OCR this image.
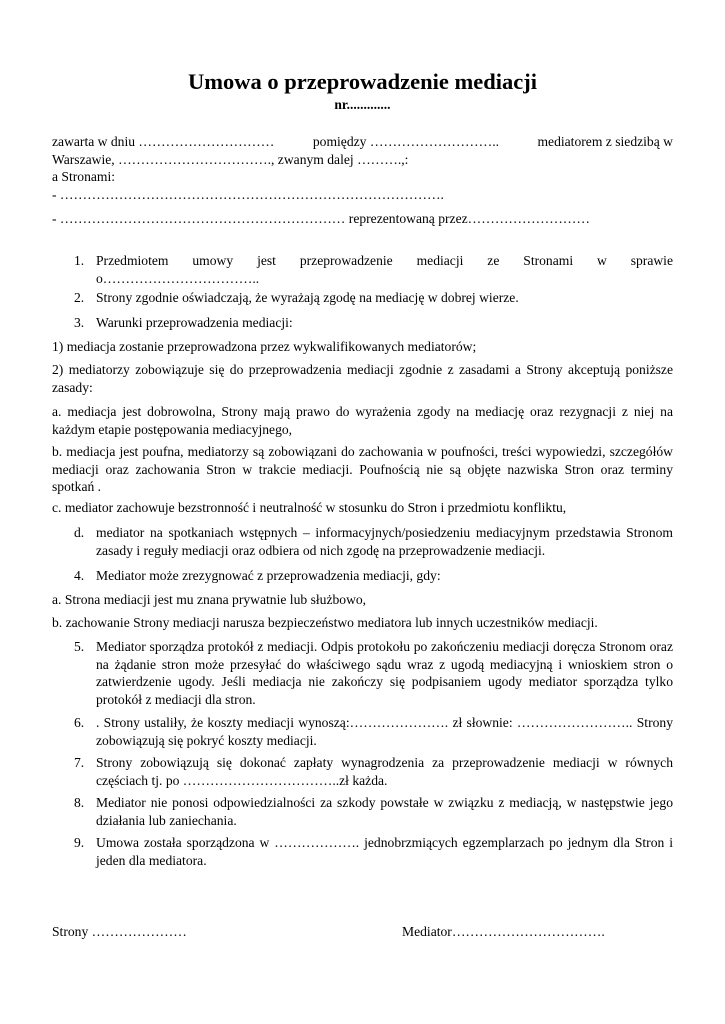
Umowa o przeprowadzenie mediacji
nr.............
zawarta w dniu …………………………	pomiędzy ………………………..	mediatorem z siedzibą w
Warszawie, ……………………………., zwanym dalej ……….,:
a Stronami:
- ………………………………………………………………………….
- ……………………………………………………… reprezentowaną przez………………………
1. Przedmiotem umowy jest przeprowadzenie mediacji ze Stronami w sprawie o……………………………..
2. Strony zgodnie oświadczają, że wyrażają zgodę na mediację w dobrej wierze.
3. Warunki przeprowadzenia mediacji:
1) mediacja zostanie przeprowadzona przez wykwalifikowanych mediatorów;
2) mediatorzy zobowiązuje się do przeprowadzenia mediacji zgodnie z zasadami a Strony akceptują poniższe zasady:
a. mediacja jest dobrowolna, Strony mają prawo do wyrażenia zgody na mediację oraz rezygnacji z niej na każdym etapie postępowania mediacyjnego,
b. mediacja jest poufna, mediatorzy są zobowiązani do zachowania w poufności, treści wypowiedzi, szczegółów mediacji oraz zachowania Stron w trakcie mediacji. Poufnością nie są objęte nazwiska Stron oraz terminy spotkań .
c. mediator zachowuje bezstronność i neutralność w stosunku do Stron i przedmiotu konfliktu,
d. mediator na spotkaniach wstępnych – informacyjnych/posiedzeniu mediacyjnym przedstawia Stronom zasady i reguły mediacji oraz odbiera od nich zgodę na przeprowadzenie mediacji.
4. Mediator może zrezygnować z przeprowadzenia mediacji, gdy:
a. Strona mediacji jest mu znana prywatnie lub służbowo,
b. zachowanie Strony mediacji narusza bezpieczeństwo mediatora lub innych uczestników mediacji.
5. Mediator sporządza protokół z mediacji. Odpis protokołu po zakończeniu mediacji doręcza Stronom oraz na żądanie stron może przesyłać do właściwego sądu wraz z ugodą mediacyjną i wnioskiem stron o zatwierdzenie ugody. Jeśli mediacja nie zakończy się podpisaniem ugody mediator sporządza tylko protokół z mediacji dla stron.
6. . Strony ustaliły, że koszty mediacji wynoszą:…………………. zł słownie: …………………….. Strony zobowiązują się pokryć koszty mediacji.
7. Strony zobowiązują się dokonać zapłaty wynagrodzenia za przeprowadzenie mediacji w równych częściach tj. po ……………………………..zł każda.
8. Mediator nie ponosi odpowiedzialności za szkody powstałe w związku z mediacją, w następstwie jego działania lub zaniechania.
9. Umowa została sporządzona w ………………. jednobrzmiących egzemplarzach po jednym dla Stron i jeden dla mediatora.
Strony …………………	Mediator…………………………….
